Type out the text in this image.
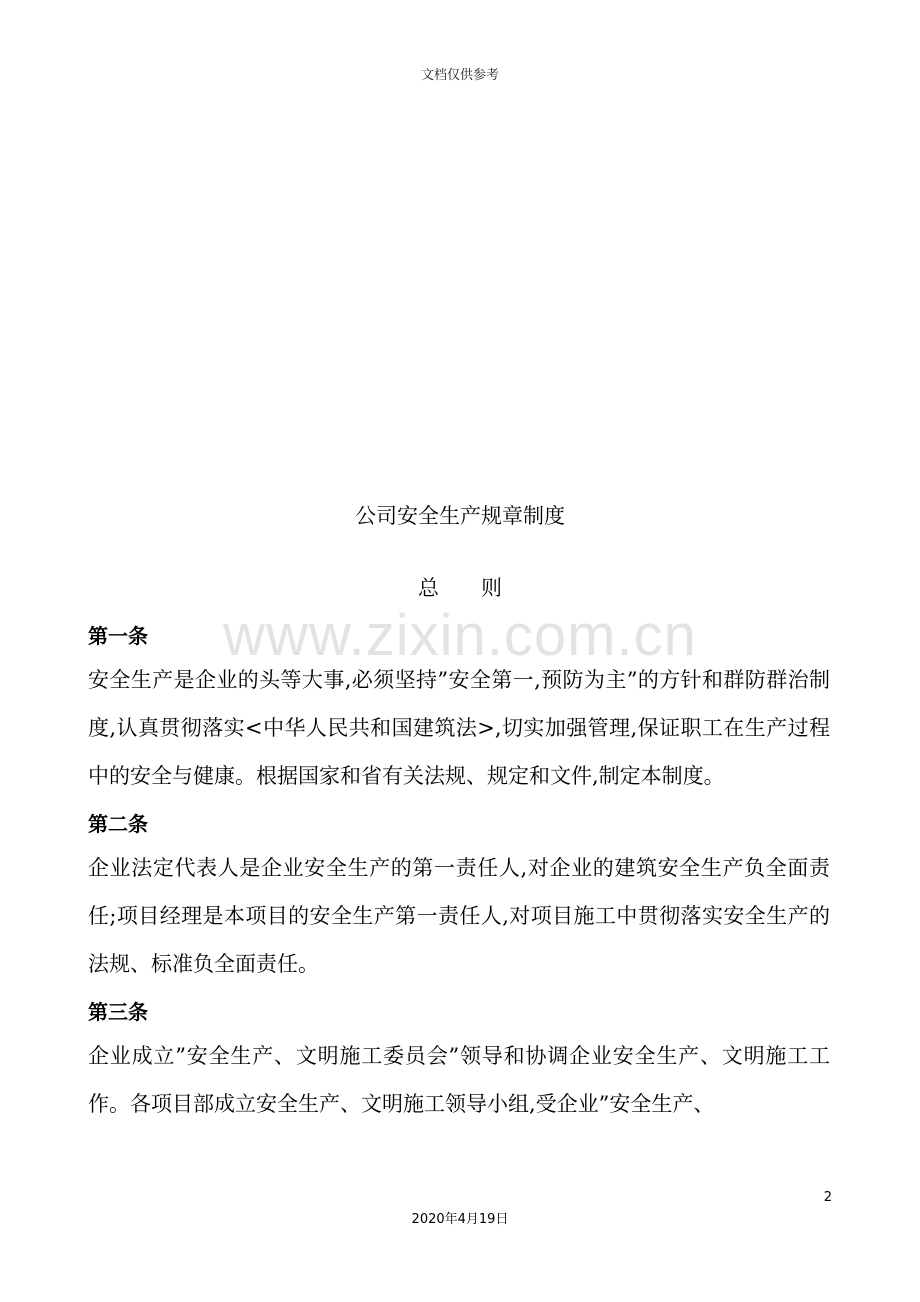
文档仅供参考
www.zixin.com.cn
公司安全生产规章制度
总　　则

第一条

安全生产是企业的头等大事,必须坚持”安全第一,预防为主”的方针和群防群治制度,认真贯彻落实<中华人民共和国建筑法>,切实加强管理,保证职工在生产过程中的安全与健康。根据国家和省有关法规、规定和文件,制定本制度。

第二条

企业法定代表人是企业安全生产的第一责任人,对企业的建筑安全生产负全面责任;项目经理是本项目的安全生产第一责任人,对项目施工中贯彻落实安全生产的法规、标准负全面责任。

第三条

企业成立”安全生产、文明施工委员会”领导和协调企业安全生产、文明施工工作。各项目部成立安全生产、文明施工领导小组,受企业”安全生产、

2
2020年4月19日
